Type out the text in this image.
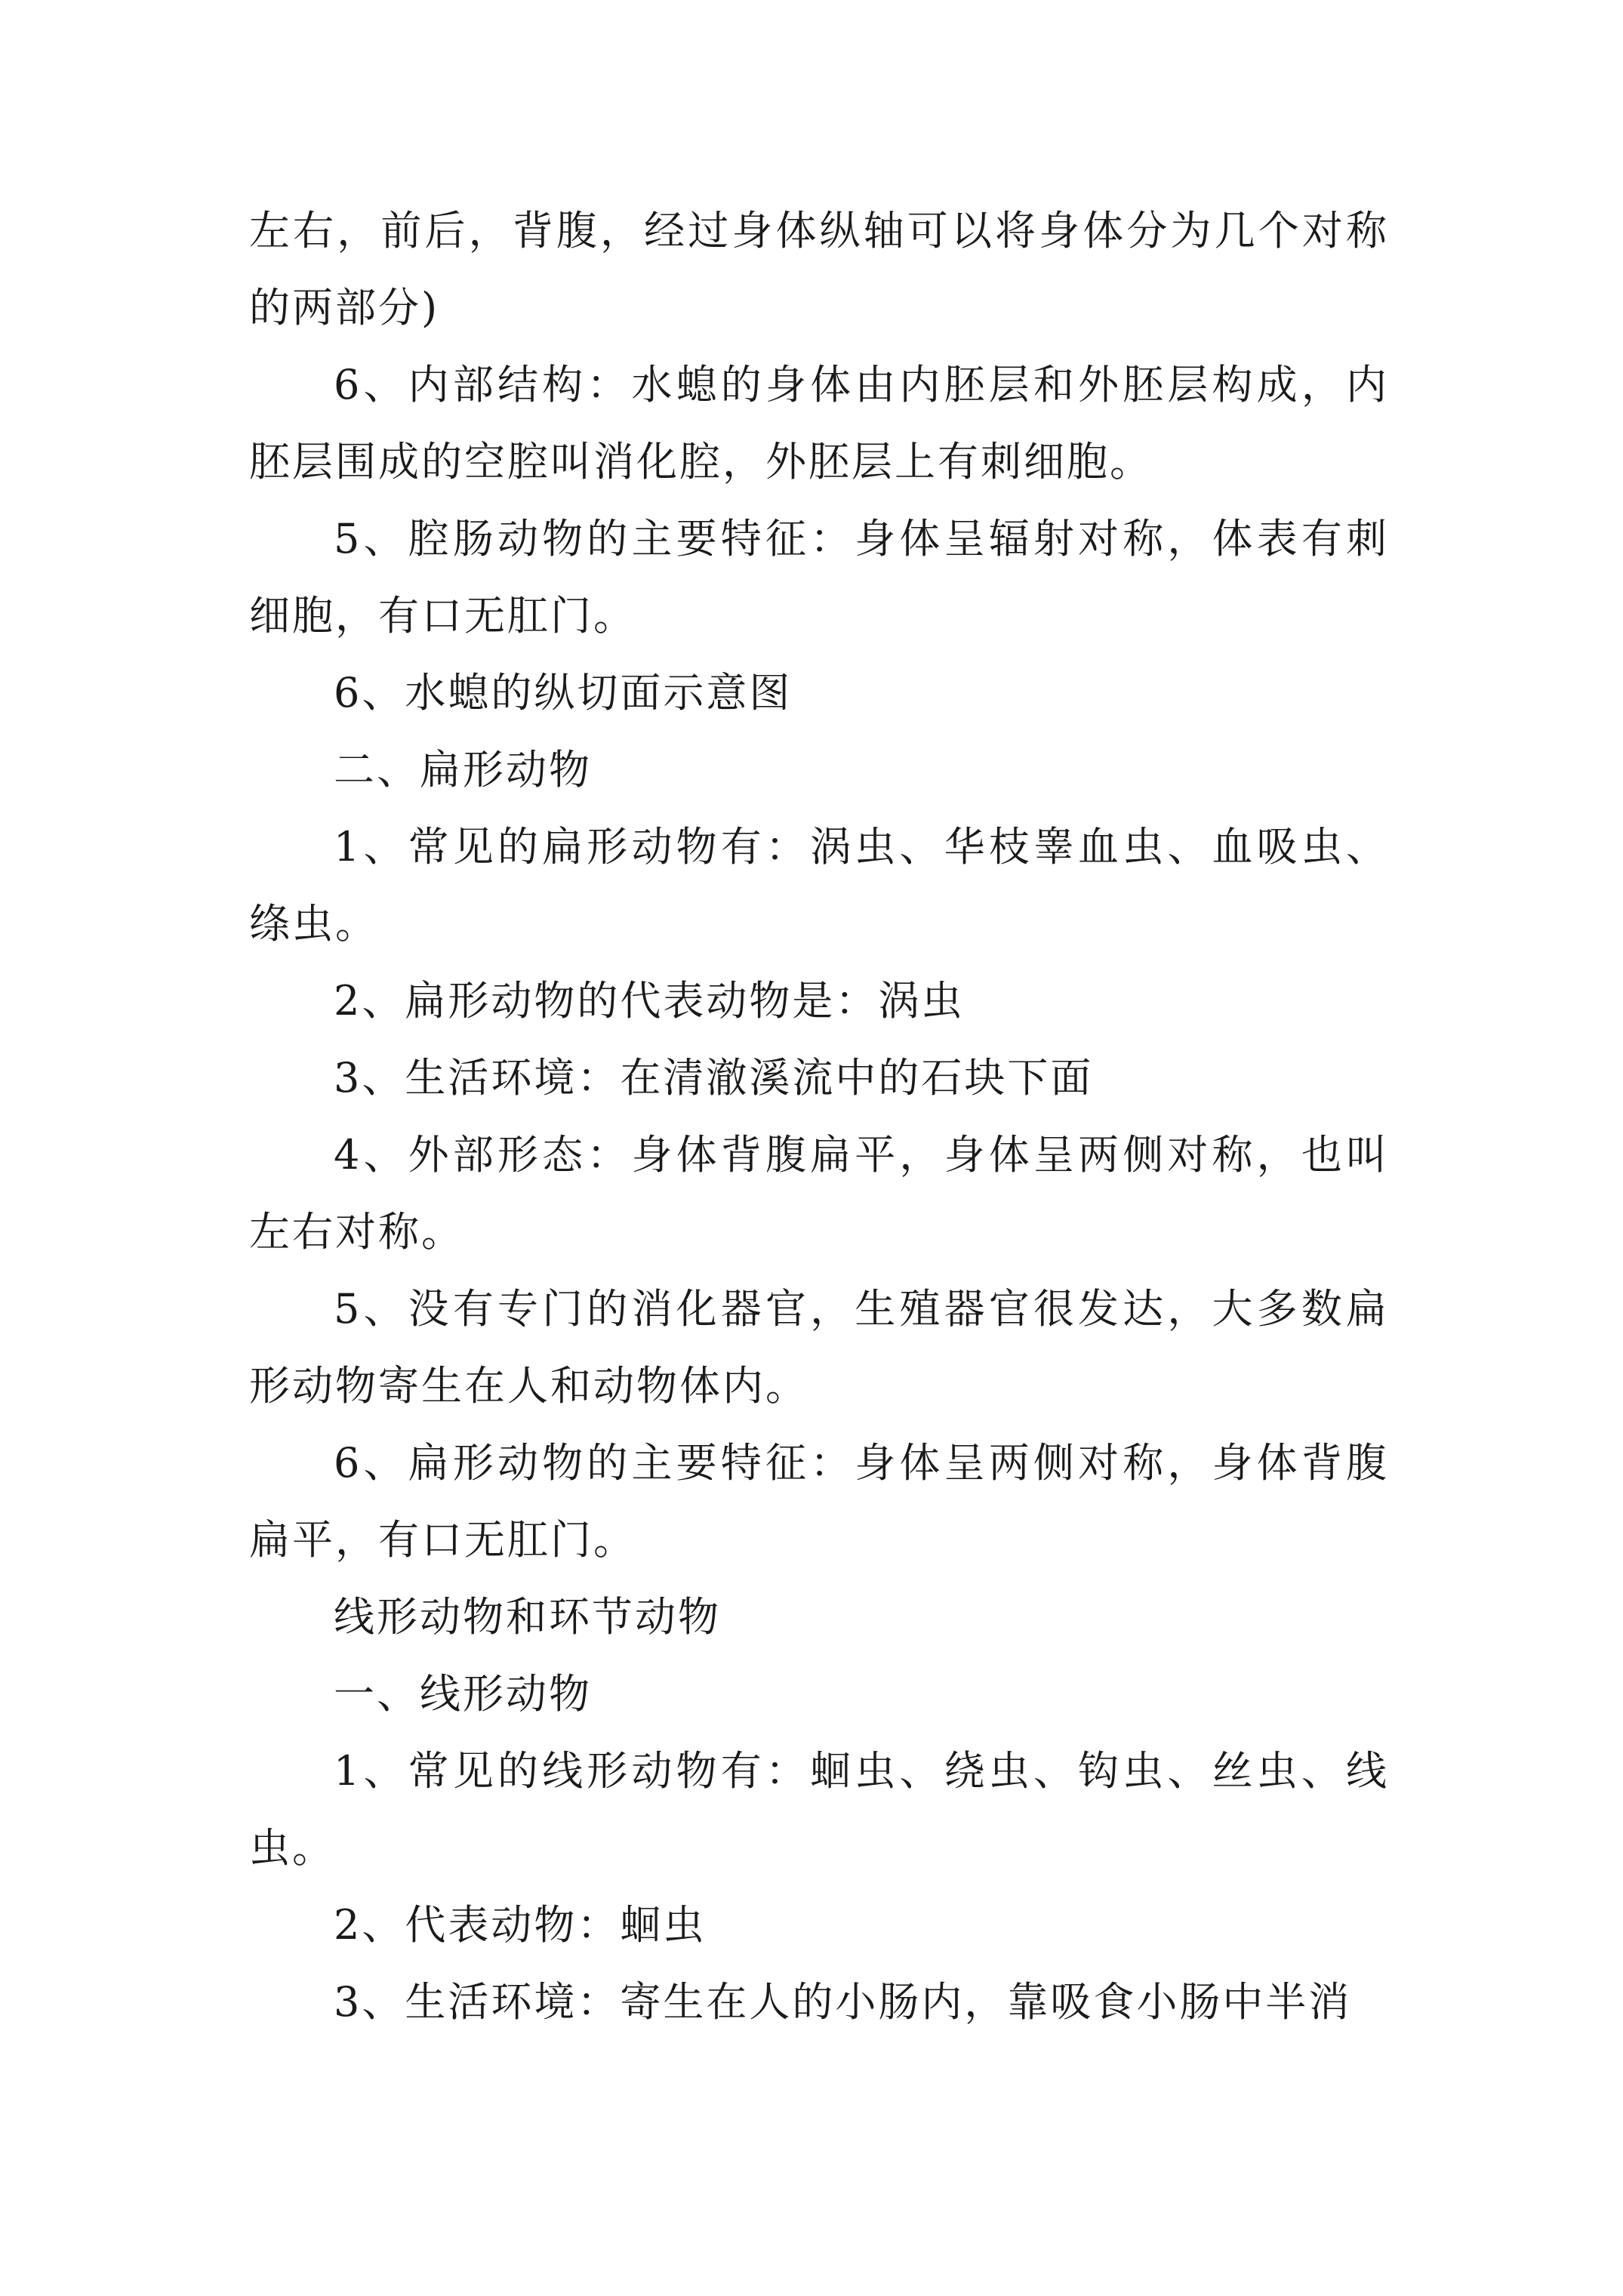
左右，前后，背腹，经过身体纵轴可以将身体分为几个对称的两部分)

6、内部结构：水螅的身体由内胚层和外胚层构成，内胚层围成的空腔叫消化腔，外胚层上有刺细胞。

5、腔肠动物的主要特征：身体呈辐射对称，体表有刺细胞，有口无肛门。

6、水螅的纵切面示意图

二、扁形动物

1、常见的扁形动物有：涡虫、华枝睾血虫、血吸虫、绦虫。

2、扁形动物的代表动物是：涡虫

3、生活环境：在清澈溪流中的石块下面

4、外部形态：身体背腹扁平，身体呈两侧对称，也叫左右对称。

5、没有专门的消化器官，生殖器官很发达，大多数扁形动物寄生在人和动物体内。

6、扁形动物的主要特征：身体呈两侧对称，身体背腹扁平，有口无肛门。

线形动物和环节动物

一、线形动物

1、常见的线形动物有：蛔虫、绕虫、钩虫、丝虫、线虫。

2、代表动物：蛔虫

3、生活环境：寄生在人的小肠内，靠吸食小肠中半消
